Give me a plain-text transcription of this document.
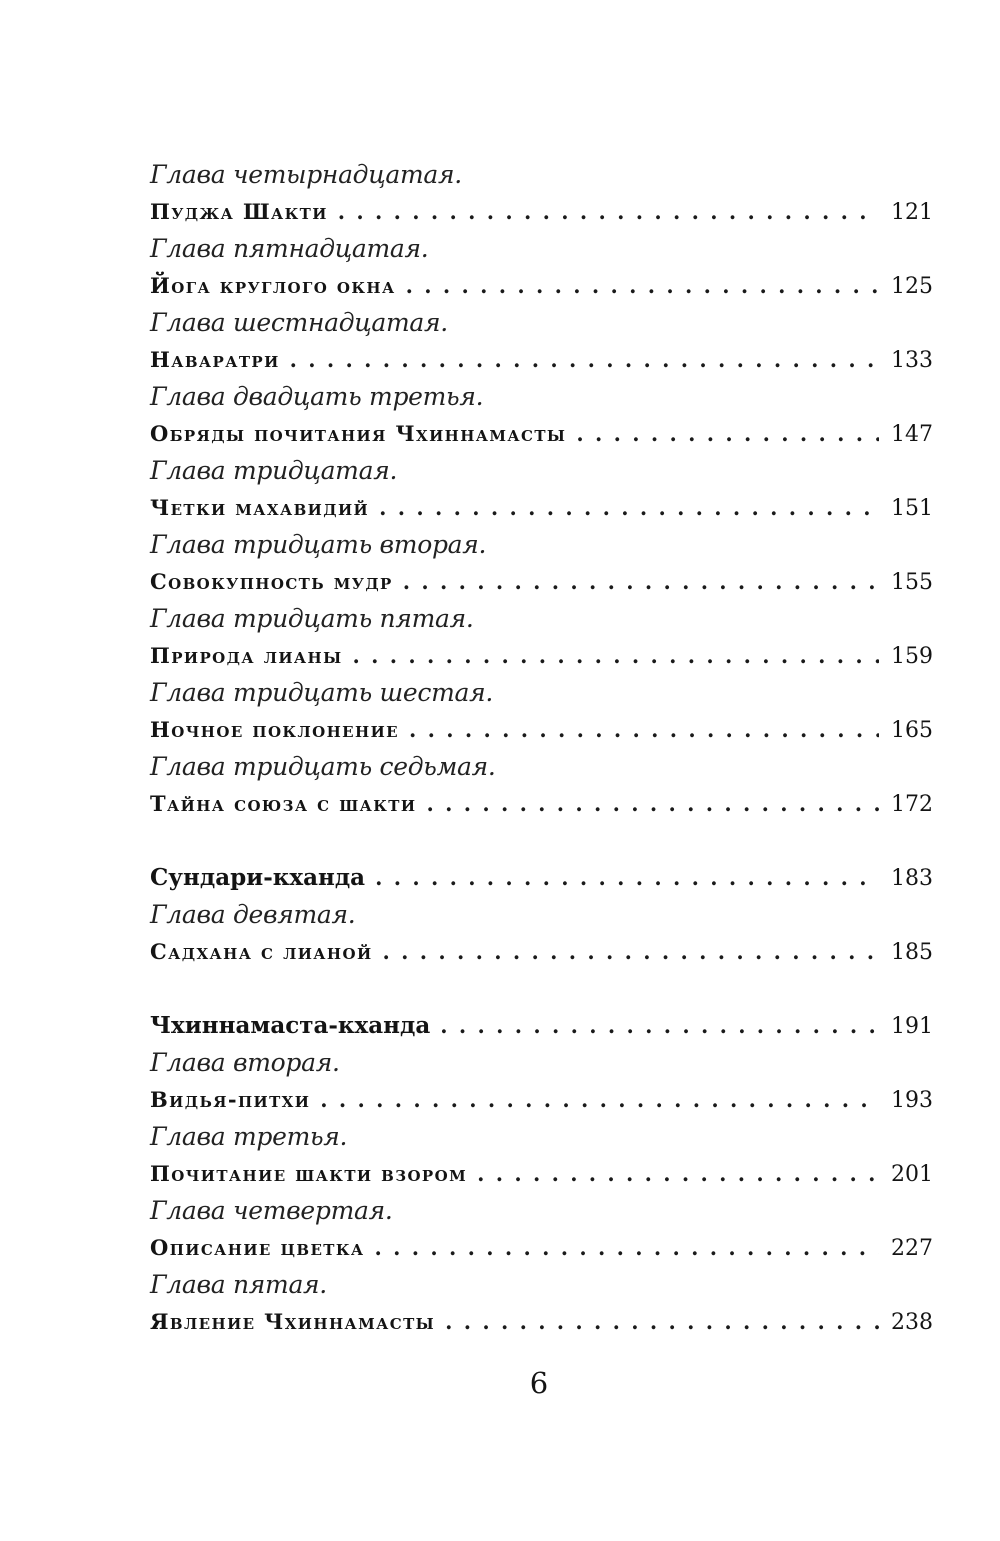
Глава четырнадцатая.
Пуджа Шакти . . .	121
Глава пятнадцатая.
Йога круглого окна . . .	125
Глава шестнадцатая.
Наваратри . . .	133
Глава двадцать третья.
Обряды почитания Чхиннамасты . . .	147
Глава тридцатая.
Четки махавидий . . .	151
Глава тридцать вторая.
Совокупность мудр . . .	155
Глава тридцать пятая.
Природа лианы . . .	159
Глава тридцать шестая.
Ночное поклонение . . .	165
Глава тридцать седьмая.
Тайна союза с шакти . . .	172
Сундари-кханда . . .	183
Глава девятая.
Садхана с лианой . . .	185
Чхиннамаста-кханда . . .	191
Глава вторая.
Видья-питхи . . .	193
Глава третья.
Почитание шакти взором . . .	201
Глава четвертая.
Описание цветка . . .	227
Глава пятая.
Явление Чхиннамасты . . .	238
6
